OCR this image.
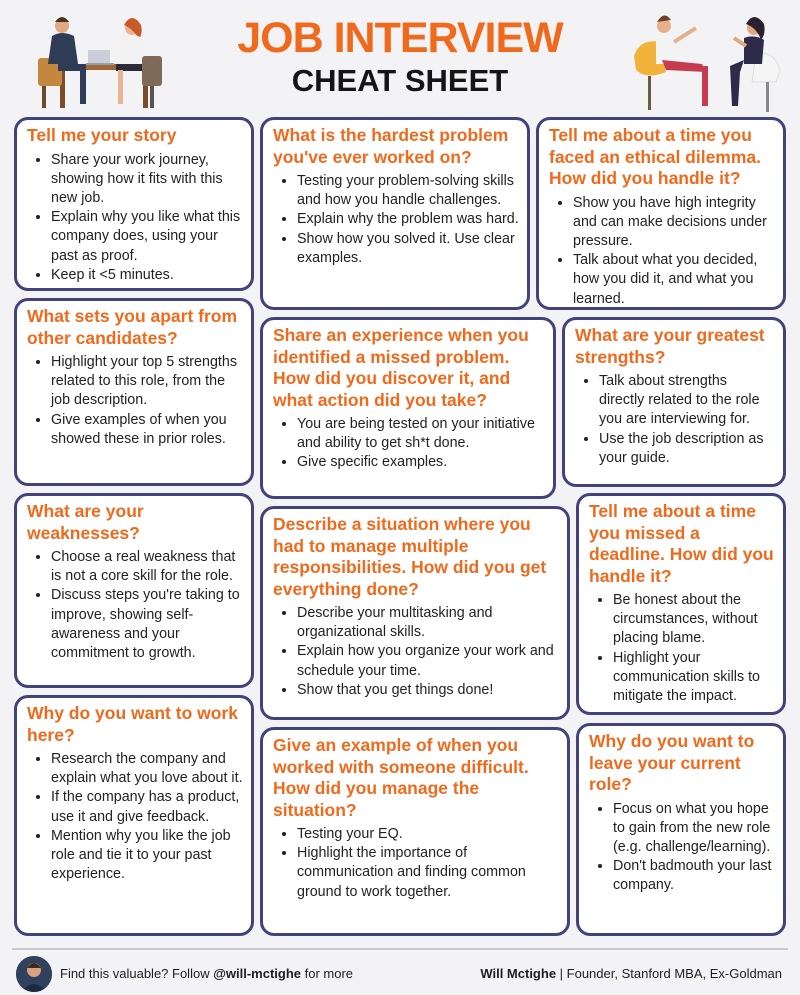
JOB INTERVIEW
CHEAT SHEET
Tell me your story
• Share your work journey, showing how it fits with this new job.
• Explain why you like what this company does, using your past as proof.
• Keep it <5 minutes.
What is the hardest problem you've ever worked on?
• Testing your problem-solving skills and how you handle challenges.
• Explain why the problem was hard.
• Show how you solved it. Use clear examples.
Tell me about a time you faced an ethical dilemma. How did you handle it?
• Show you have high integrity and can make decisions under pressure.
• Talk about what you decided, how you did it, and what you learned.
What sets you apart from other candidates?
• Highlight your top 5 strengths related to this role, from the job description.
• Give examples of when you showed these in prior roles.
Share an experience when you identified a missed problem. How did you discover it, and what action did you take?
• You are being tested on your initiative and ability to get sh*t done.
• Give specific examples.
What are your greatest strengths?
• Talk about strengths directly related to the role you are interviewing for.
• Use the job description as your guide.
What are your weaknesses?
• Choose a real weakness that is not a core skill for the role.
• Discuss steps you're taking to improve, showing self-awareness and your commitment to growth.
Describe a situation where you had to manage multiple responsibilities. How did you get everything done?
• Describe your multitasking and organizational skills.
• Explain how you organize your work and schedule your time.
• Show that you get things done!
Tell me about a time you missed a deadline. How did you handle it?
• Be honest about the circumstances, without placing blame.
• Highlight your communication skills to mitigate the impact.
Why do you want to work here?
• Research the company and explain what you love about it.
• If the company has a product, use it and give feedback.
• Mention why you like the job role and tie it to your past experience.
Give an example of when you worked with someone difficult. How did you manage the situation?
• Testing your EQ.
• Highlight the importance of communication and finding common ground to work together.
Why do you want to leave your current role?
• Focus on what you hope to gain from the new role (e.g. challenge/learning).
• Don't badmouth your last company.
Find this valuable? Follow @will-mctighe for more	Will Mctighe | Founder, Stanford MBA, Ex-Goldman
